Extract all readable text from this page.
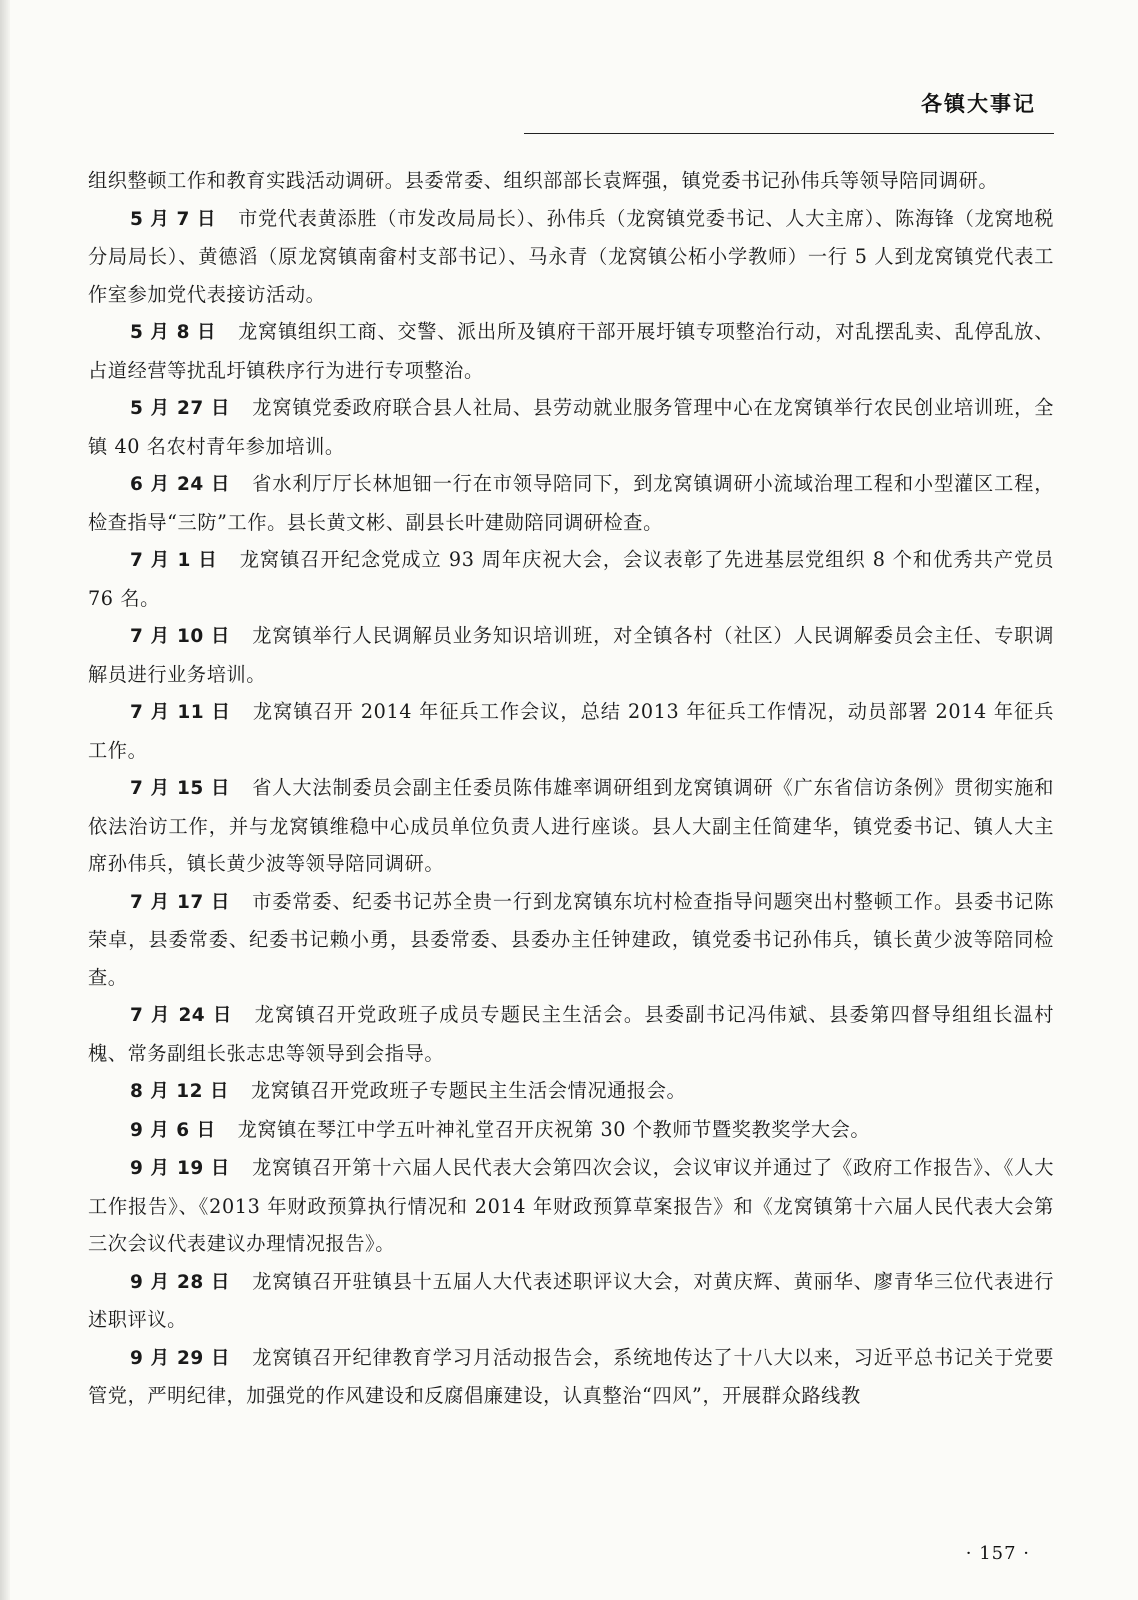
各镇大事记

组织整顿工作和教育实践活动调研。县委常委、组织部部长袁辉强，镇党委书记孙伟兵等领导陪同调研。

5 月 7 日 市党代表黄添胜（市发改局局长）、孙伟兵（龙窝镇党委书记、人大主席）、陈海锋（龙窝地税分局局长）、黄德滔（原龙窝镇南畲村支部书记）、马永青（龙窝镇公柘小学教师）一行 5 人到龙窝镇党代表工作室参加党代表接访活动。

5 月 8 日 龙窝镇组织工商、交警、派出所及镇府干部开展圩镇专项整治行动，对乱摆乱卖、乱停乱放、占道经营等扰乱圩镇秩序行为进行专项整治。

5 月 27 日 龙窝镇党委政府联合县人社局、县劳动就业服务管理中心在龙窝镇举行农民创业培训班，全镇 40 名农村青年参加培训。

6 月 24 日 省水利厅厅长林旭钿一行在市领导陪同下，到龙窝镇调研小流域治理工程和小型灌区工程，检查指导“三防”工作。县长黄文彬、副县长叶建勋陪同调研检查。

7 月 1 日 龙窝镇召开纪念党成立 93 周年庆祝大会，会议表彰了先进基层党组织 8 个和优秀共产党员 76 名。

7 月 10 日 龙窝镇举行人民调解员业务知识培训班，对全镇各村（社区）人民调解委员会主任、专职调解员进行业务培训。

7 月 11 日 龙窝镇召开 2014 年征兵工作会议，总结 2013 年征兵工作情况，动员部署 2014 年征兵工作。

7 月 15 日 省人大法制委员会副主任委员陈伟雄率调研组到龙窝镇调研《广东省信访条例》贯彻实施和依法治访工作，并与龙窝镇维稳中心成员单位负责人进行座谈。县人大副主任简建华，镇党委书记、镇人大主席孙伟兵，镇长黄少波等领导陪同调研。

7 月 17 日 市委常委、纪委书记苏全贵一行到龙窝镇东坑村检查指导问题突出村整顿工作。县委书记陈荣卓，县委常委、纪委书记赖小勇，县委常委、县委办主任钟建政，镇党委书记孙伟兵，镇长黄少波等陪同检查。

7 月 24 日 龙窝镇召开党政班子成员专题民主生活会。县委副书记冯伟斌、县委第四督导组组长温村槐、常务副组长张志忠等领导到会指导。

8 月 12 日 龙窝镇召开党政班子专题民主生活会情况通报会。

9 月 6 日 龙窝镇在琴江中学五叶神礼堂召开庆祝第 30 个教师节暨奖教奖学大会。

9 月 19 日 龙窝镇召开第十六届人民代表大会第四次会议，会议审议并通过了《政府工作报告》、《人大工作报告》、《2013 年财政预算执行情况和 2014 年财政预算草案报告》和《龙窝镇第十六届人民代表大会第三次会议代表建议办理情况报告》。

9 月 28 日 龙窝镇召开驻镇县十五届人大代表述职评议大会，对黄庆辉、黄丽华、廖青华三位代表进行述职评议。

9 月 29 日 龙窝镇召开纪律教育学习月活动报告会，系统地传达了十八大以来，习近平总书记关于党要管党，严明纪律，加强党的作风建设和反腐倡廉建设，认真整治“四风”，开展群众路线教

· 157 ·
